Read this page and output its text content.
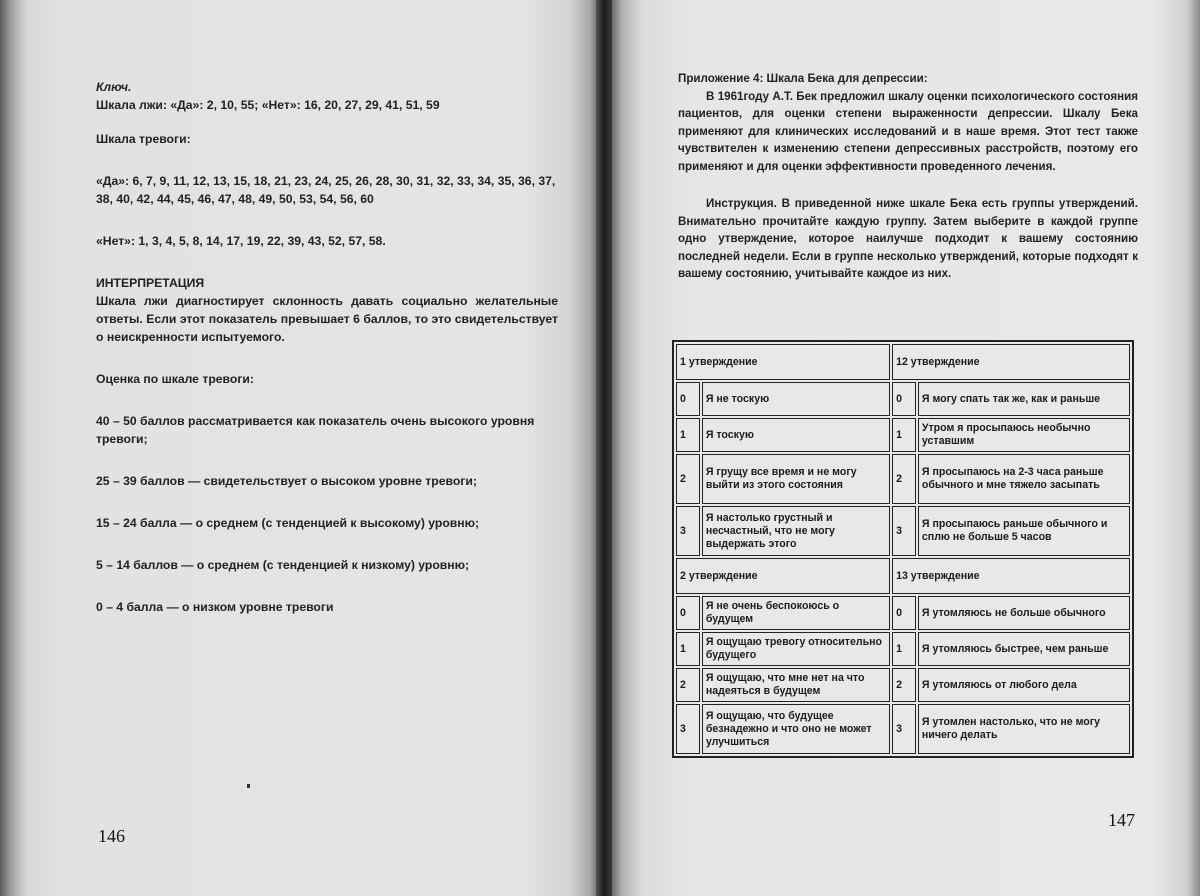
Ключ.

Шкала лжи: «Да»: 2, 10, 55; «Нет»: 16, 20, 27, 29, 41, 51, 59

Шкала тревоги:

«Да»: 6, 7, 9, 11, 12, 13, 15, 18, 21, 23, 24, 25, 26, 28, 30, 31, 32, 33, 34, 35, 36, 37, 38, 40, 42, 44, 45, 46, 47, 48, 49, 50, 53, 54, 56, 60

«Нет»: 1, 3, 4, 5, 8, 14, 17, 19, 22, 39, 43, 52, 57, 58.

ИНТЕРПРЕТАЦИЯ

Шкала лжи диагностирует склонность давать социально желательные ответы. Если этот показатель превышает 6 баллов, то это свидетельствует о неискренности испытуемого.

Оценка по шкале тревоги:

40 – 50 баллов рассматривается как показатель очень высокого уровня тревоги;

25 – 39 баллов — свидетельствует о высоком уровне тревоги;

15 – 24 балла — о среднем (с тенденцией к высокому) уровню;

5 – 14 баллов — о среднем (с тенденцией к низкому) уровню;

0 – 4 балла — о низком уровне тревоги

146

Приложение 4: Шкала Бека для депрессии:

В 1961году А.Т. Бек предложил шкалу оценки психологического состояния пациентов, для оценки степени выраженности депрессии. Шкалу Бека применяют для клинических исследований и в наше время. Этот тест также чувствителен к изменению степени депрессивных расстройств, поэтому его применяют и для оценки эффективности проведенного лечения.

Инструкция. В приведенной ниже шкале Бека есть группы утверждений. Внимательно прочитайте каждую группу. Затем выберите в каждой группе одно утверждение, которое наилучше подходит к вашему состоянию последней недели. Если в группе несколько утверждений, которые подходят к вашему состоянию, учитывайте каждое из них.

1 утверждение	12 утверждение
0	Я не тоскую	0	Я могу спать так же, как и раньше
1	Я тоскую	1	Утром я просыпаюсь необычно уставшим
2	Я грущу все время и не могу выйти из этого состояния	2	Я просыпаюсь на 2-3 часа раньше обычного и мне тяжело засыпать
3	Я настолько грустный и несчастный, что не могу выдержать этого	3	Я просыпаюсь раньше обычного и сплю не больше 5 часов
2 утверждение	13 утверждение
0	Я не очень беспокоюсь о будущем	0	Я утомляюсь не больше обычного
1	Я ощущаю тревогу относительно будущего	1	Я утомляюсь быстрее, чем раньше
2	Я ощущаю, что мне нет на что надеяться в будущем	2	Я утомляюсь от любого дела
3	Я ощущаю, что будущее безнадежно и что оно не может улучшиться	3	Я утомлен настолько, что не могу ничего делать
147
